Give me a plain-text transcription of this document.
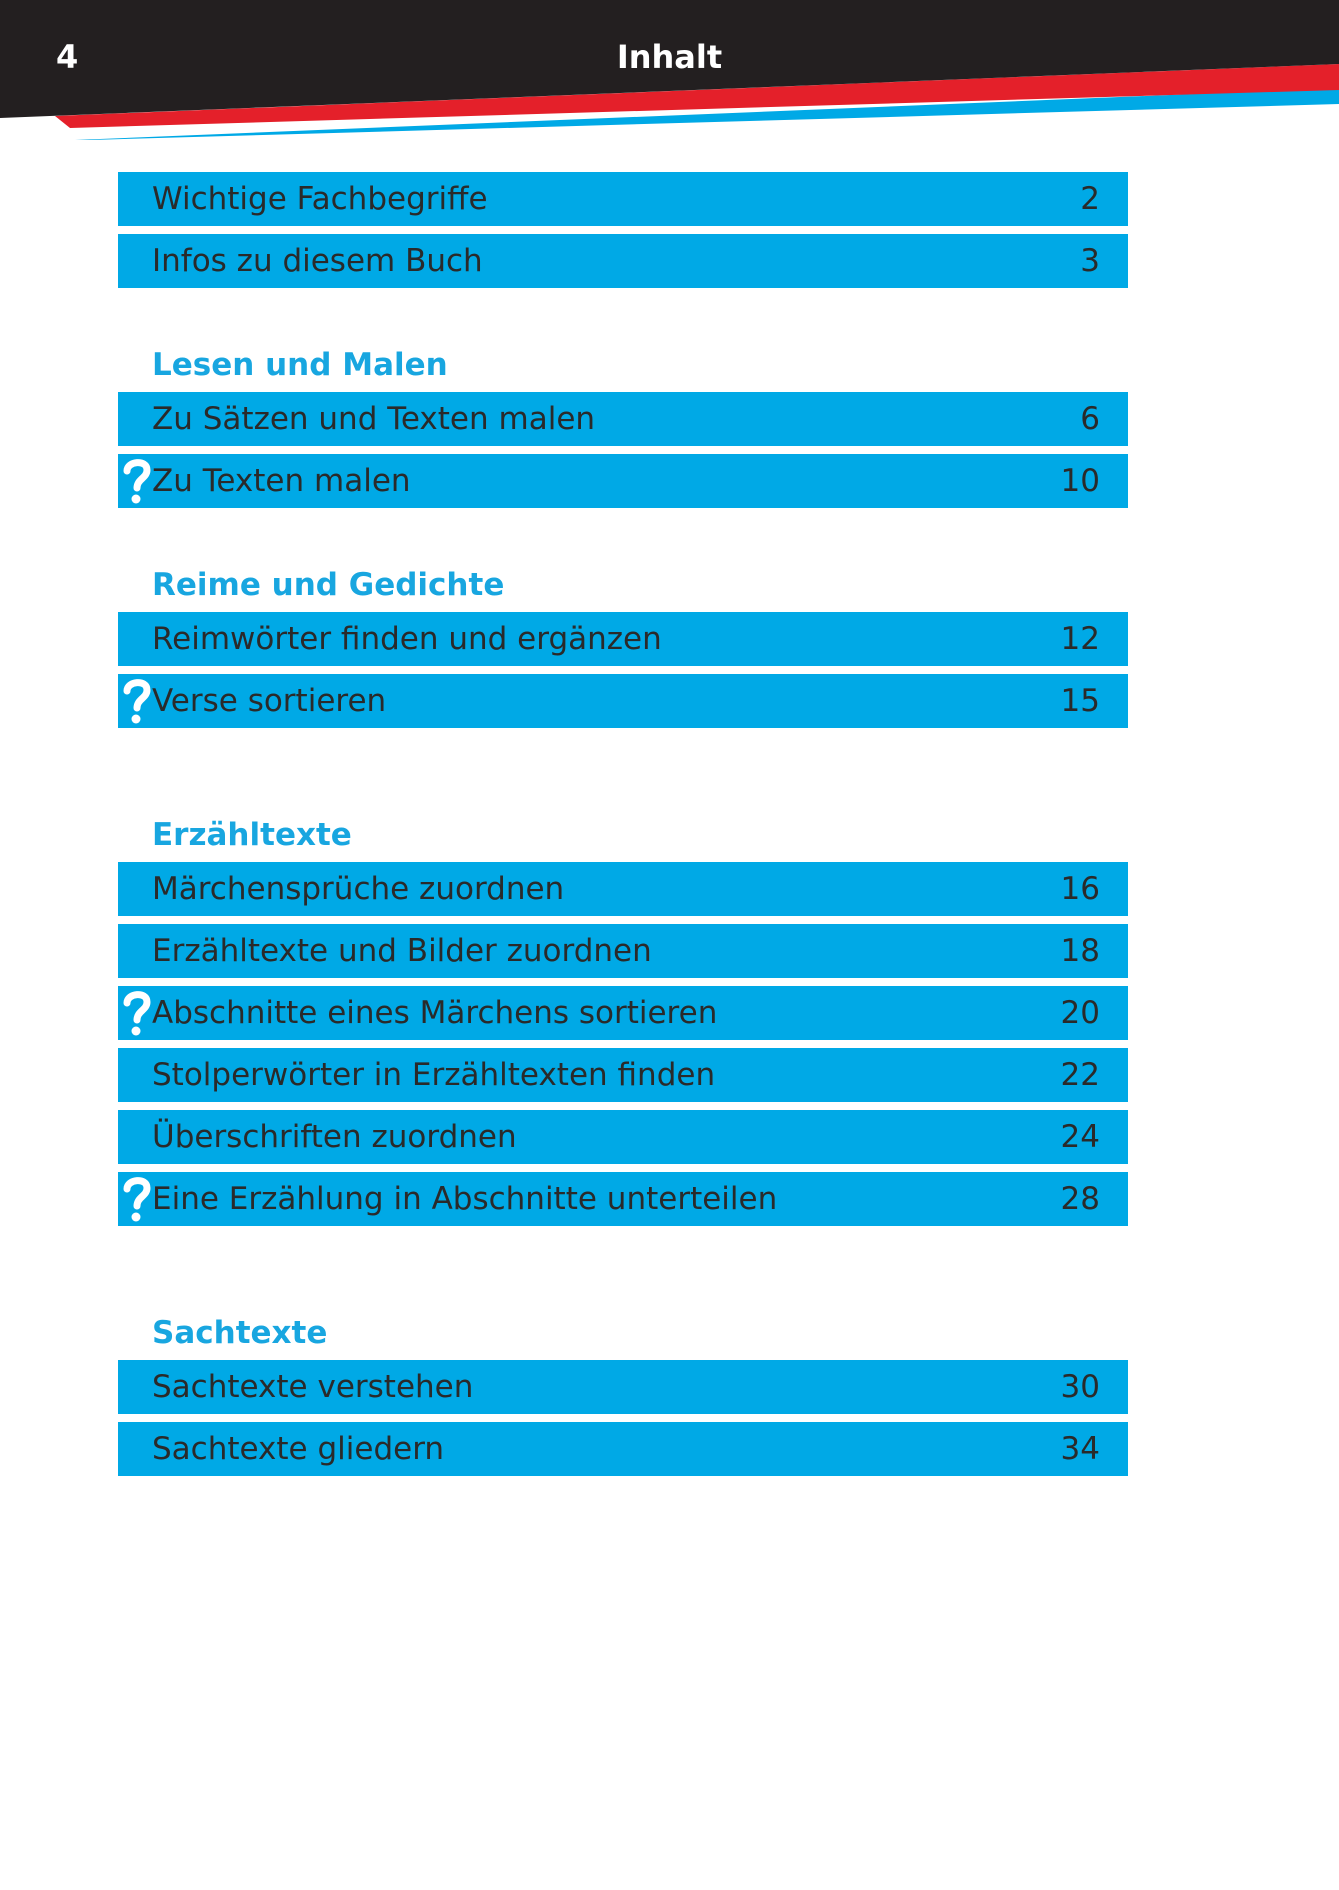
4	Inhalt
Wichtige Fachbegriffe	2
Infos zu diesem Buch	3
Lesen und Malen
Zu Sätzen und Texten malen	6
Zu Texten malen	10
Reime und Gedichte
Reimwörter finden und ergänzen	12
Verse sortieren	15
Erzähltexte
Märchensprüche zuordnen	16
Erzähltexte und Bilder zuordnen	18
Abschnitte eines Märchens sortieren	20
Stolperwörter in Erzähltexten finden	22
Überschriften zuordnen	24
Eine Erzählung in Abschnitte unterteilen	28
Sachtexte
Sachtexte verstehen	30
Sachtexte gliedern	34
